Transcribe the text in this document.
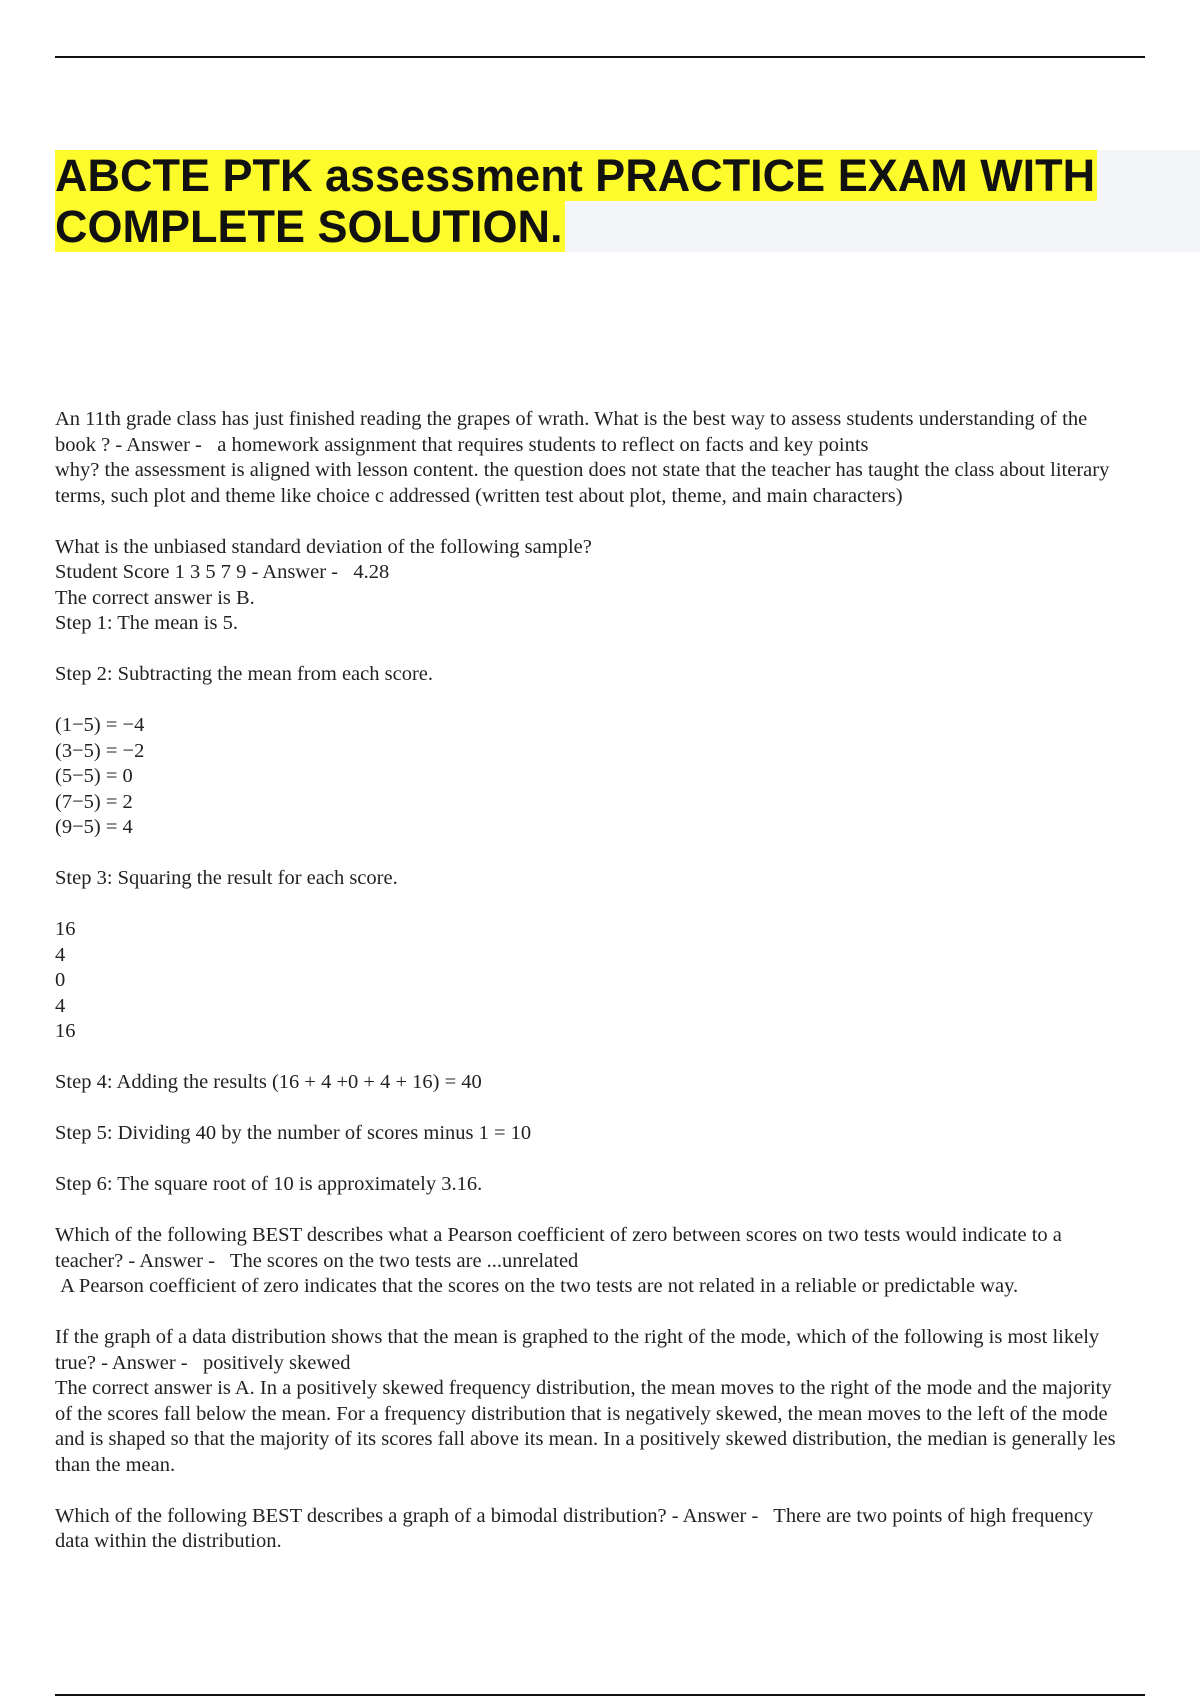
ABCTE PTK assessment PRACTICE EXAM WITH
COMPLETE SOLUTION.

An 11th grade class has just finished reading the grapes of wrath. What is the best way to assess students understanding of the

book ? - Answer -   a homework assignment that requires students to reflect on facts and key points

why? the assessment is aligned with lesson content. the question does not state that the teacher has taught the class about literary

terms, such plot and theme like choice c addressed (written test about plot, theme, and main characters)

What is the unbiased standard deviation of the following sample?

Student Score 1 3 5 7 9 - Answer -   4.28

The correct answer is B.

Step 1: The mean is 5.

Step 2: Subtracting the mean from each score.

(1−5) = −4

(3−5) = −2

(5−5) = 0

(7−5) = 2

(9−5) = 4

Step 3: Squaring the result for each score.

16

4

0

4

16

Step 4: Adding the results (16 + 4 +0 + 4 + 16) = 40

Step 5: Dividing 40 by the number of scores minus 1 = 10

Step 6: The square root of 10 is approximately 3.16.

Which of the following BEST describes what a Pearson coefficient of zero between scores on two tests would indicate to a

teacher? - Answer -   The scores on the two tests are ...unrelated

A Pearson coefficient of zero indicates that the scores on the two tests are not related in a reliable or predictable way.

If the graph of a data distribution shows that the mean is graphed to the right of the mode, which of the following is most likely

true? - Answer -   positively skewed

The correct answer is A. In a positively skewed frequency distribution, the mean moves to the right of the mode and the majority

of the scores fall below the mean. For a frequency distribution that is negatively skewed, the mean moves to the left of the mode

and is shaped so that the majority of its scores fall above its mean. In a positively skewed distribution, the median is generally les

than the mean.

Which of the following BEST describes a graph of a bimodal distribution? - Answer -   There are two points of high frequency

data within the distribution.
